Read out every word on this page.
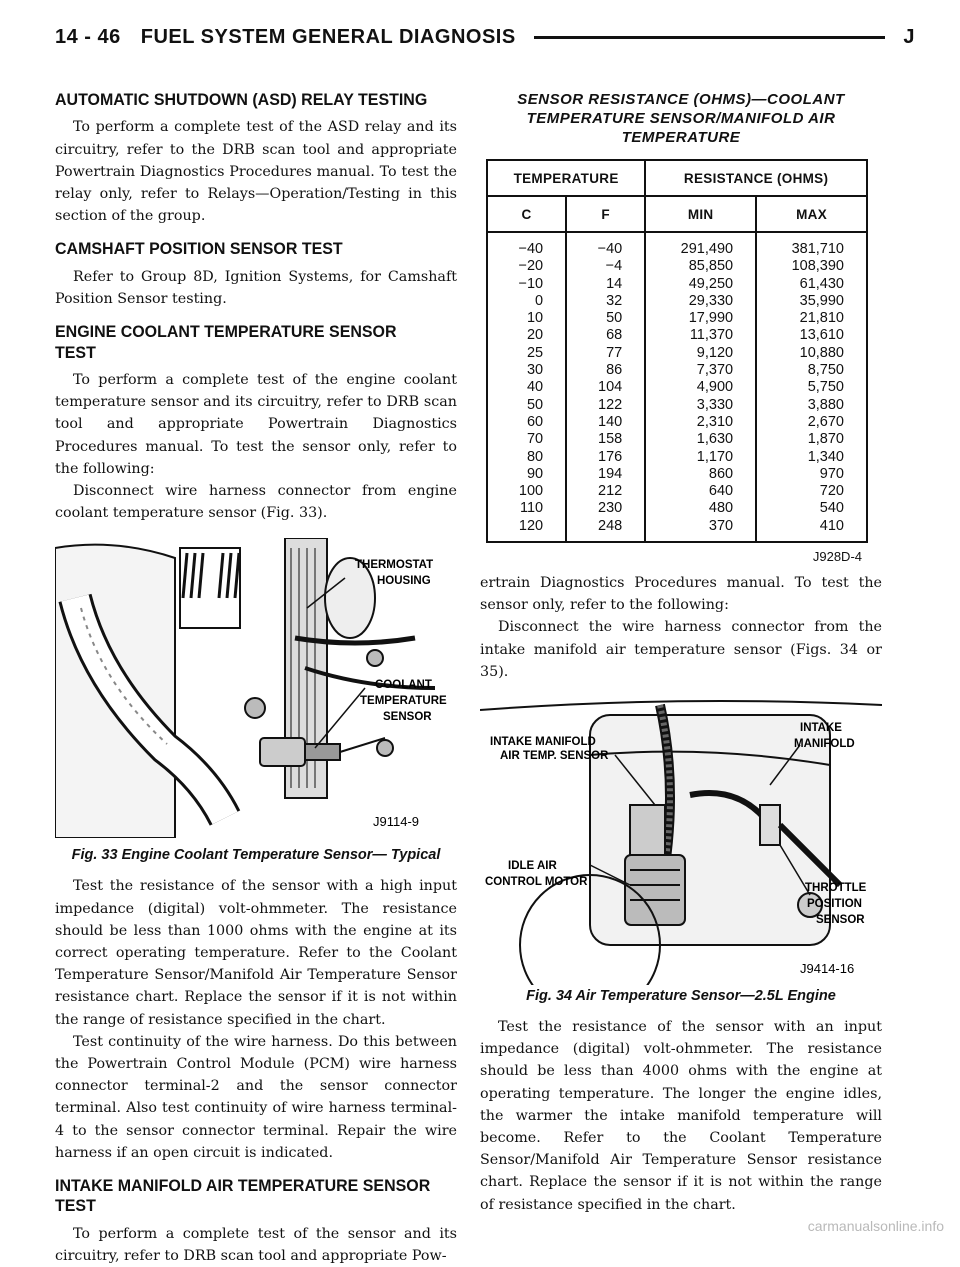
14 - 46 FUEL SYSTEM GENERAL DIAGNOSIS	J
AUTOMATIC SHUTDOWN (ASD) RELAY TESTING

To perform a complete test of the ASD relay and its circuitry, refer to the DRB scan tool and appropriate Powertrain Diagnostics Procedures manual. To test the relay only, refer to Relays—Operation/Testing in this section of the group.

CAMSHAFT POSITION SENSOR TEST

Refer to Group 8D, Ignition Systems, for Camshaft Position Sensor testing.

ENGINE COOLANT TEMPERATURE SENSOR TEST

To perform a complete test of the engine coolant temperature sensor and its circuitry, refer to DRB scan tool and appropriate Powertrain Diagnostics Procedures manual. To test the sensor only, refer to the following:

Disconnect wire harness connector from engine coolant temperature sensor (Fig. 33).

THERMOSTAT
HOUSING
COOLANT
TEMPERATURE
SENSOR
J9114-9
Fig. 33 Engine Coolant Temperature Sensor— Typical

Test the resistance of the sensor with a high input impedance (digital) volt-ohmmeter. The resistance should be less than 1000 ohms with the engine at its correct operating temperature. Refer to the Coolant Temperature Sensor/Manifold Air Temperature Sensor resistance chart. Replace the sensor if it is not within the range of resistance specified in the chart.

Test continuity of the wire harness. Do this between the Powertrain Control Module (PCM) wire harness connector terminal-2 and the sensor connector terminal. Also test continuity of wire harness terminal-4 to the sensor connector terminal. Repair the wire harness if an open circuit is indicated.

INTAKE MANIFOLD AIR TEMPERATURE SENSOR TEST

To perform a complete test of the sensor and its circuitry, refer to DRB scan tool and appropriate Pow-

SENSOR RESISTANCE (OHMS)—COOLANT TEMPERATURE SENSOR/MANIFOLD AIR TEMPERATURE
TEMPERATURE		RESISTANCE (OHMS)	
C	F	MIN	MAX
−40	−40	291,490	381,710
−20	−4	85,850	108,390
−10	14	49,250	61,430
0	32	29,330	35,990
10	50	17,990	21,810
20	68	11,370	13,610
25	77	9,120	10,880
30	86	7,370	8,750
40	104	4,900	5,750
50	122	3,330	3,880
60	140	2,310	2,670
70	158	1,630	1,870
80	176	1,170	1,340
90	194	860	970
100	212	640	720
110	230	480	540
120	248	370	410
J928D-4

ertrain Diagnostics Procedures manual. To test the sensor only, refer to the following:

Disconnect the wire harness connector from the intake manifold air temperature sensor (Figs. 34 or 35).

INTAKE MANIFOLD
AIR TEMP. SENSOR
INTAKE
MANIFOLD
IDLE AIR
CONTROL MOTOR	THROTTLE
POSITION
SENSOR
J9414-16
Fig. 34 Air Temperature Sensor—2.5L Engine

Test the resistance of the sensor with an input impedance (digital) volt-ohmmeter. The resistance should be less than 4000 ohms with the engine at operating temperature. The longer the engine idles, the warmer the intake manifold temperature will become. Refer to the Coolant Temperature Sensor/Manifold Air Temperature Sensor resistance chart. Replace the sensor if it is not within the range of resistance specified in the chart.

carmanualsonline.info
